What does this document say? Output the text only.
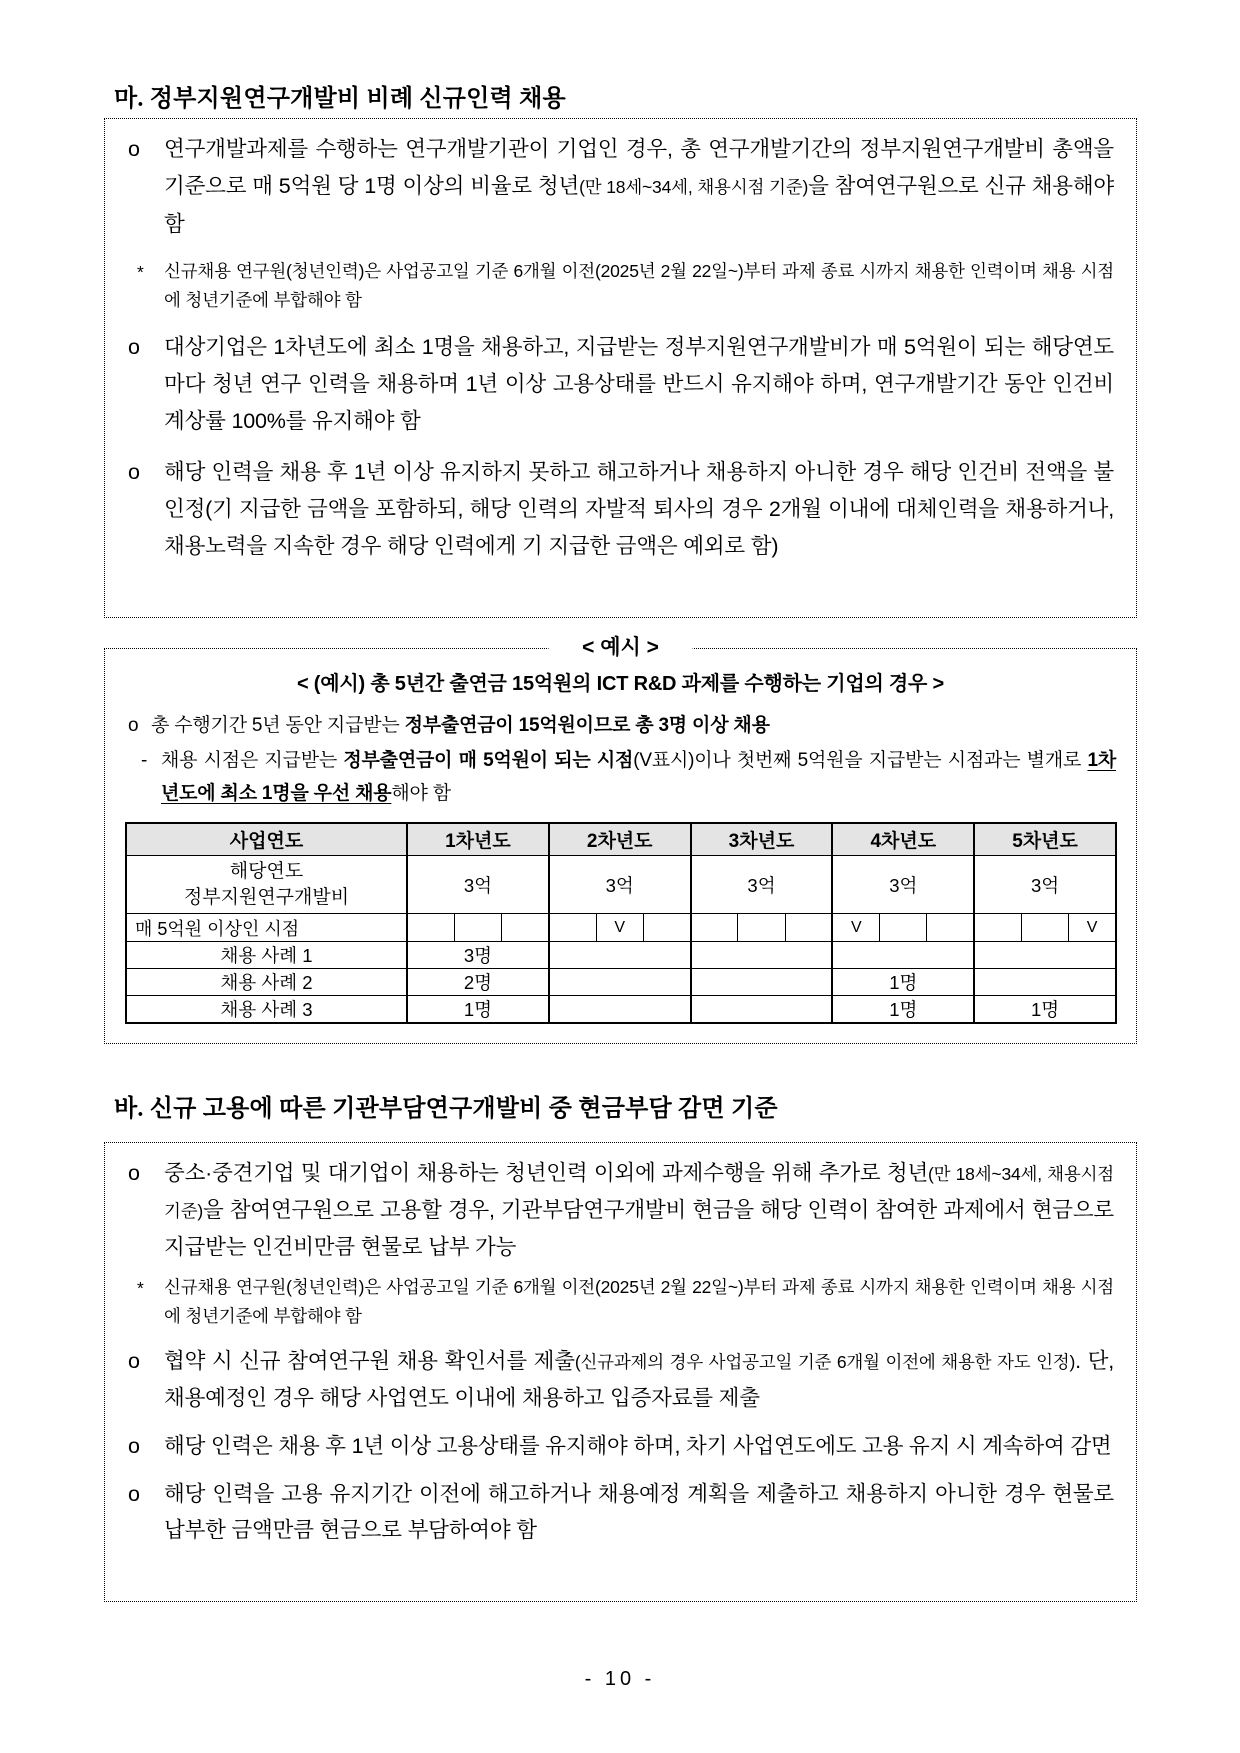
마. 정부지원연구개발비 비례 신규인력 채용

o 연구개발과제를 수행하는 연구개발기관이 기업인 경우, 총 연구개발기간의 정부지원연구개발비 총액을 기준으로 매 5억원 당 1명 이상의 비율로 청년(만 18세~34세, 채용시점 기준)을 참여연구원으로 신규 채용해야 함

* 신규채용 연구원(청년인력)은 사업공고일 기준 6개월 이전(2025년 2월 22일~)부터 과제 종료 시까지 채용한 인력이며 채용 시점에 청년기준에 부합해야 함

o 대상기업은 1차년도에 최소 1명을 채용하고, 지급받는 정부지원연구개발비가 매 5억원이 되는 해당연도마다 청년 연구 인력을 채용하며 1년 이상 고용상태를 반드시 유지해야 하며, 연구개발기간 동안 인건비계상률 100%를 유지해야 함

o 해당 인력을 채용 후 1년 이상 유지하지 못하고 해고하거나 채용하지 아니한 경우 해당 인건비 전액을 불인정(기 지급한 금액을 포함하되, 해당 인력의 자발적 퇴사의 경우 2개월 이내에 대체인력을 채용하거나, 채용노력을 지속한 경우 해당 인력에게 기 지급한 금액은 예외로 함)

< 예시 >

< (예시) 총 5년간 출연금 15억원의 ICT R&D 과제를 수행하는 기업의 경우 >

o 총 수행기간 5년 동안 지급받는 정부출연금이 15억원이므로 총 3명 이상 채용

- 채용 시점은 지급받는 정부출연금이 매 5억원이 되는 시점(V표시)이나 첫번째 5억원을 지급받는 시점과는 별개로 1차년도에 최소 1명을 우선 채용해야 함

사업연도	1차년도			2차년도			3차년도			4차년도			5차년도		

해당연도
정부지원연구개발비	3억			3억			3억			3억			3억		
매 5억원 이상인 시점					V					V					V
채용 사례 1	3명														
채용 사례 2	2명									1명					
채용 사례 3	1명									1명			1명		
바. 신규 고용에 따른 기관부담연구개발비 중 현금부담 감면 기준

o 중소·중견기업 및 대기업이 채용하는 청년인력 이외에 과제수행을 위해 추가로 청년(만 18세~34세, 채용시점 기준)을 참여연구원으로 고용할 경우, 기관부담연구개발비 현금을 해당 인력이 참여한 과제에서 현금으로 지급받는 인건비만큼 현물로 납부 가능

* 신규채용 연구원(청년인력)은 사업공고일 기준 6개월 이전(2025년 2월 22일~)부터 과제 종료 시까지 채용한 인력이며 채용 시점에 청년기준에 부합해야 함

o 협약 시 신규 참여연구원 채용 확인서를 제출(신규과제의 경우 사업공고일 기준 6개월 이전에 채용한 자도 인정). 단, 채용예정인 경우 해당 사업연도 이내에 채용하고 입증자료를 제출

o 해당 인력은 채용 후 1년 이상 고용상태를 유지해야 하며, 차기 사업연도에도 고용 유지 시 계속하여 감면

o 해당 인력을 고용 유지기간 이전에 해고하거나 채용예정 계획을 제출하고 채용하지 아니한 경우 현물로 납부한 금액만큼 현금으로 부담하여야 함

- 10 -
